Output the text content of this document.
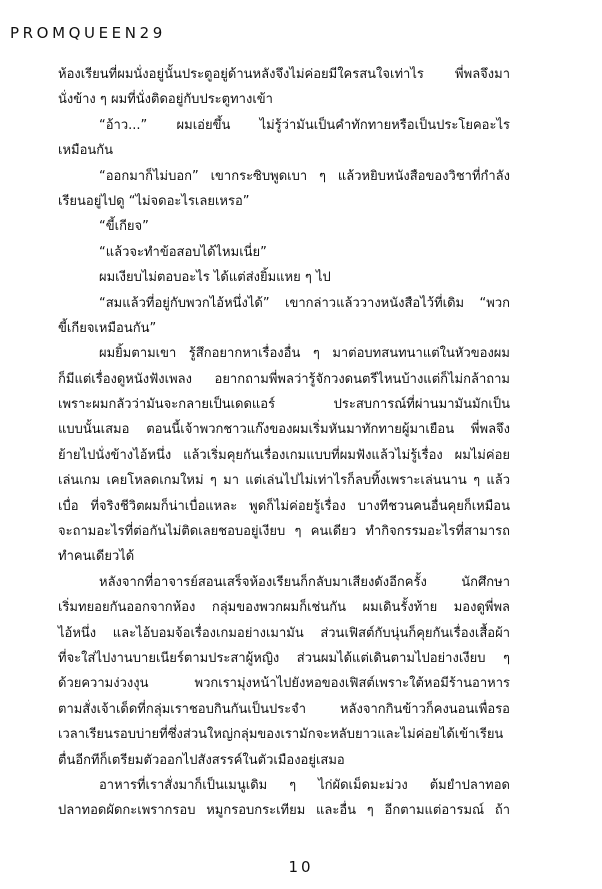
PROMQUEEN29
ห้องเรียนที่ผมนั่งอยู่นั้นประตูอยู่ด้านหลังจึงไม่ค่อยมีใครสนใจเท่าไร พี่พลจึงมา
นั่งข้าง ๆ ผมที่นั่งติดอยู่กับประตูทางเข้า
“อ้าว...” ผมเอ่ยขึ้น ไม่รู้ว่ามันเป็นคำทักทายหรือเป็นประโยคอะไร
เหมือนกัน
“ออกมาก็ไม่บอก” เขากระซิบพูดเบา ๆ แล้วหยิบหนังสือของวิชาที่กำลัง
เรียนอยู่ไปดู “ไม่จดอะไรเลยเหรอ”
“ขี้เกียจ”
“แล้วจะทำข้อสอบได้ไหมเนี่ย”
ผมเงียบไม่ตอบอะไร ได้แต่ส่งยิ้มแหย ๆ ไป
“สมแล้วที่อยู่กับพวกไอ้หนึ่งได้” เขากล่าวแล้ววางหนังสือไว้ที่เดิม “พวก
ขี้เกียจเหมือนกัน”
ผมยิ้มตามเขา รู้สึกอยากหาเรื่องอื่น ๆ มาต่อบทสนทนาแต่ในหัวของผม
ก็มีแต่เรื่องดูหนังฟังเพลง อยากถามพี่พลว่ารู้จักวงดนตรีไหนบ้างแต่ก็ไม่กล้าถาม
เพราะผมกลัวว่ามันจะกลายเป็นเดดแอร์ ประสบการณ์ที่ผ่านมามันมักเป็น
แบบนั้นเสมอ ตอนนี้เจ้าพวกชาวแก๊งของผมเริ่มหันมาทักทายผู้มาเยือน พี่พลจึง
ย้ายไปนั่งข้างไอ้หนึ่ง แล้วเริ่มคุยกันเรื่องเกมแบบที่ผมฟังแล้วไม่รู้เรื่อง ผมไม่ค่อย
เล่นเกม เคยโหลดเกมใหม่ ๆ มา แต่เล่นไปไม่เท่าไรก็ลบทิ้งเพราะเล่นนาน ๆ แล้ว
เบื่อ ที่จริงชีวิตผมก็น่าเบื่อแหละ พูดก็ไม่ค่อยรู้เรื่อง บางทีชวนคนอื่นคุยก็เหมือน
จะถามอะไรที่ต่อกันไม่ติดเลยชอบอยู่เงียบ ๆ คนเดียว ทำกิจกรรมอะไรที่สามารถ
ทำคนเดียวได้
หลังจากที่อาจารย์สอนเสร็จห้องเรียนก็กลับมาเสียงดังอีกครั้ง นักศึกษา
เริ่มทยอยกันออกจากห้อง กลุ่มของพวกผมก็เช่นกัน ผมเดินรั้งท้าย มองดูพี่พล
ไอ้หนึ่ง และไอ้บอมจ้อเรื่องเกมอย่างเมามัน ส่วนเฟิสต์กับนุ่นก็คุยกันเรื่องเสื้อผ้า
ที่จะใส่ไปงานบายเนียร์ตามประสาผู้หญิง ส่วนผมได้แต่เดินตามไปอย่างเงียบ ๆ
ด้วยความง่วงงุน พวกเรามุ่งหน้าไปยังหอของเฟิสต์เพราะใต้หอมีร้านอาหาร
ตามสั่งเจ้าเด็ดที่กลุ่มเราชอบกินกันเป็นประจำ หลังจากกินข้าวก็คงนอนเพื่อรอ
เวลาเรียนรอบบ่ายที่ซึ่งส่วนใหญ่กลุ่มของเรามักจะหลับยาวและไม่ค่อยได้เข้าเรียน
ตื่นอีกทีก็เตรียมตัวออกไปสังสรรค์ในตัวเมืองอยู่เสมอ
อาหารที่เราสั่งมาก็เป็นเมนูเดิม ๆ ไก่ผัดเม็ดมะม่วง ต้มยำปลาทอด
ปลาทอดผัดกะเพรากรอบ หมูกรอบกระเทียม และอื่น ๆ อีกตามแต่อารมณ์ ถ้า
10
